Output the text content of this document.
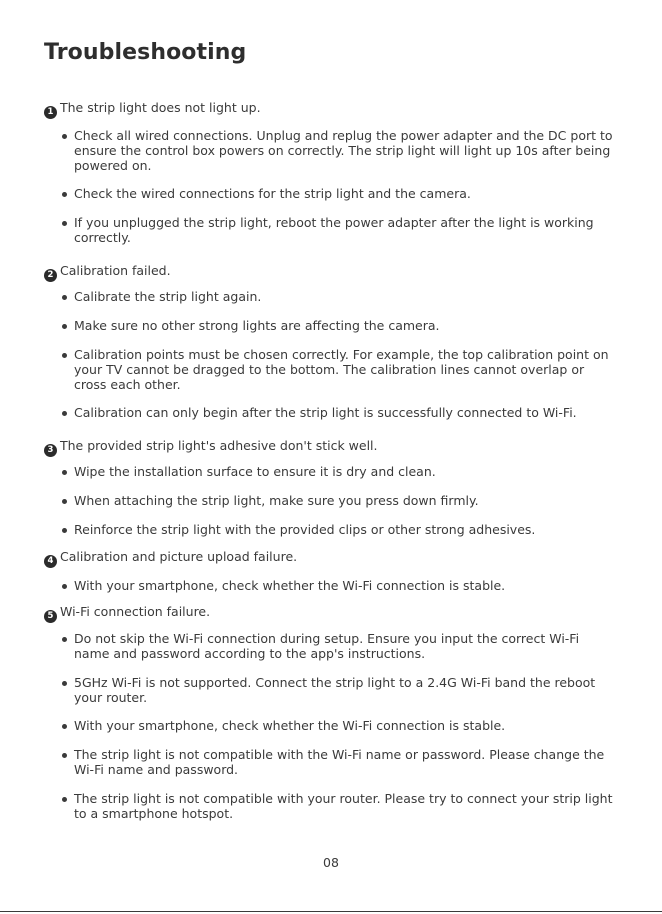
Troubleshooting
1 The strip light does not light up.
Check all wired connections. Unplug and replug the power adapter and the DC port to ensure the control box powers on correctly. The strip light will light up 10s after being powered on.
Check the wired connections for the strip light and the camera.
If you unplugged the strip light, reboot the power adapter after the light is working correctly.
2 Calibration failed.
Calibrate the strip light again.
Make sure no other strong lights are affecting the camera.
Calibration points must be chosen correctly. For example, the top calibration point on your TV cannot be dragged to the bottom. The calibration lines cannot overlap or cross each other.
Calibration can only begin after the strip light is successfully connected to Wi-Fi.
3 The provided strip light's adhesive don't stick well.
Wipe the installation surface to ensure it is dry and clean.
When attaching the strip light, make sure you press down firmly.
Reinforce the strip light with the provided clips or other strong adhesives.
4 Calibration and picture upload failure.
With your smartphone, check whether the Wi-Fi connection is stable.
5 Wi-Fi connection failure.
Do not skip the Wi-Fi connection during setup. Ensure you input the correct Wi-Fi name and password according to the app's instructions.
5GHz Wi-Fi is not supported. Connect the strip light to a 2.4G Wi-Fi band the reboot your router.
With your smartphone, check whether the Wi-Fi connection is stable.
The strip light is not compatible with the Wi-Fi name or password. Please change the Wi-Fi name and password.
The strip light is not compatible with your router. Please try to connect your strip light to a smartphone hotspot.
08
